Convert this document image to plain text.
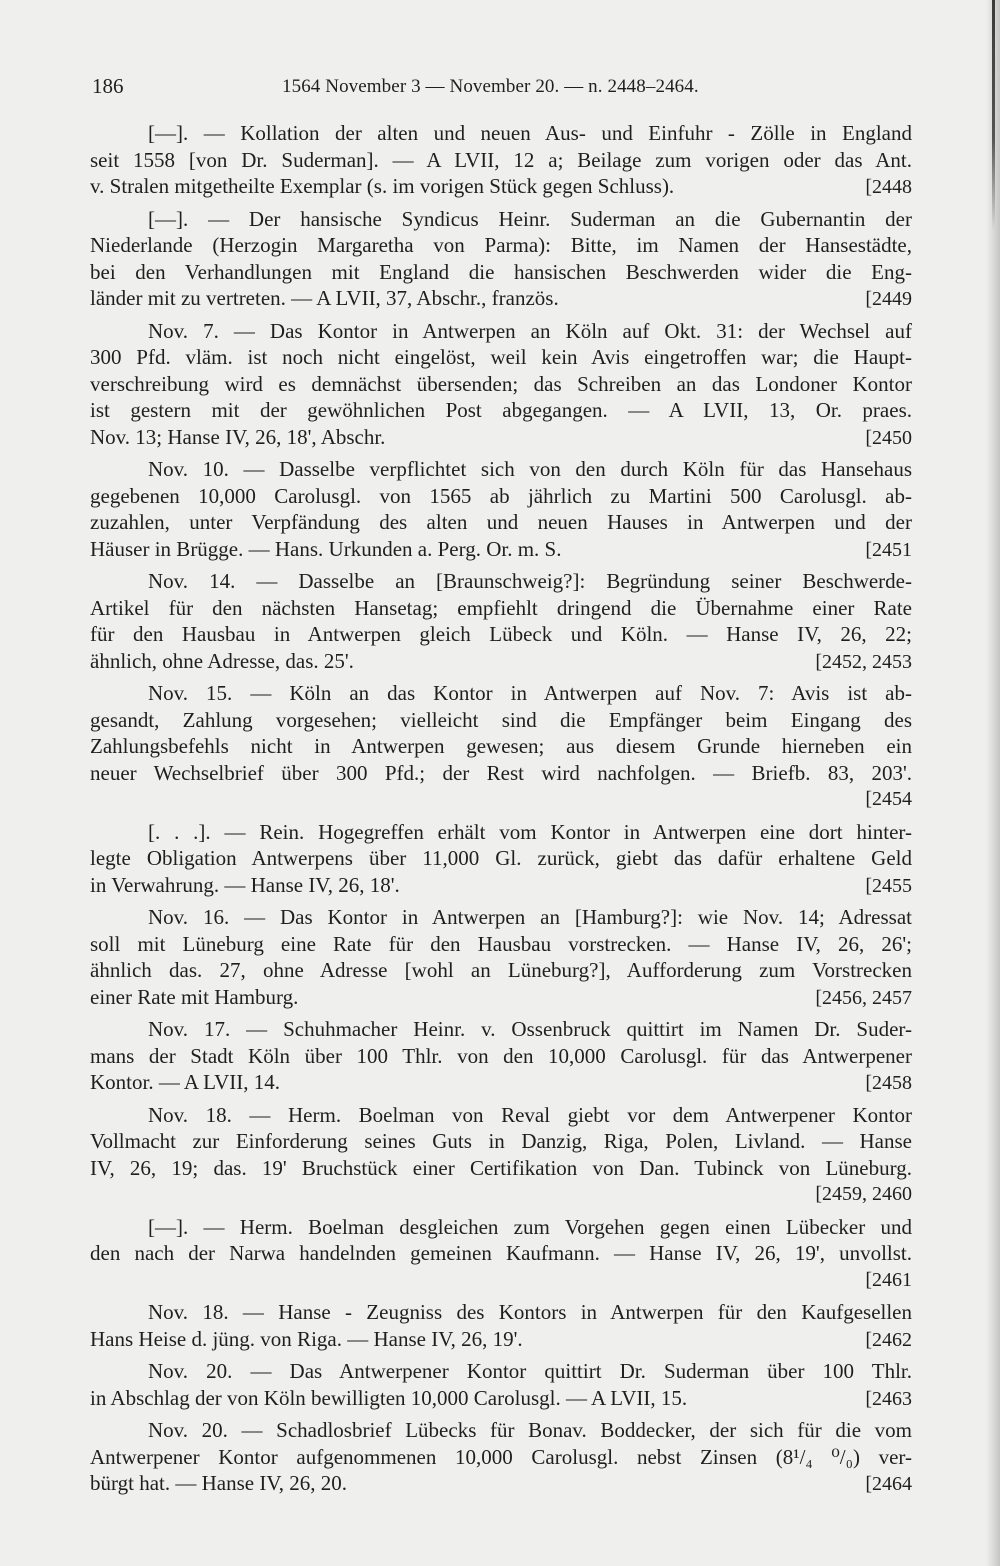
186	1564 November 3 — November 20. — n. 2448–2464.
[—]. — Kollation der alten und neuen Aus- und Einfuhr - Zölle in England
seit 1558 [von Dr. Suderman]. — A LVII, 12 a; Beilage zum vorigen oder das Ant.
v. Stralen mitgetheilte Exemplar (s. im vorigen Stück gegen Schluss).	[2448
[—]. — Der hansische Syndicus Heinr. Suderman an die Gubernantin der
Niederlande (Herzogin Margaretha von Parma): Bitte, im Namen der Hansestädte,
bei den Verhandlungen mit England die hansischen Beschwerden wider die Eng-
länder mit zu vertreten. — A LVII, 37, Abschr., französ.	[2449
Nov. 7. — Das Kontor in Antwerpen an Köln auf Okt. 31: der Wechsel auf
300 Pfd. vläm. ist noch nicht eingelöst, weil kein Avis eingetroffen war; die Haupt-
verschreibung wird es demnächst übersenden; das Schreiben an das Londoner Kontor
ist gestern mit der gewöhnlichen Post abgegangen. — A LVII, 13, Or. praes.
Nov. 13; Hanse IV, 26, 18', Abschr.	[2450
Nov. 10. — Dasselbe verpflichtet sich von den durch Köln für das Hansehaus
gegebenen 10,000 Carolusgl. von 1565 ab jährlich zu Martini 500 Carolusgl. ab-
zuzahlen, unter Verpfändung des alten und neuen Hauses in Antwerpen und der
Häuser in Brügge. — Hans. Urkunden a. Perg. Or. m. S.	[2451
Nov. 14. — Dasselbe an [Braunschweig?]: Begründung seiner Beschwerde-
Artikel für den nächsten Hansetag; empfiehlt dringend die Übernahme einer Rate
für den Hausbau in Antwerpen gleich Lübeck und Köln. — Hanse IV, 26, 22;
ähnlich, ohne Adresse, das. 25'.	[2452, 2453
Nov. 15. — Köln an das Kontor in Antwerpen auf Nov. 7: Avis ist ab-
gesandt, Zahlung vorgesehen; vielleicht sind die Empfänger beim Eingang des
Zahlungsbefehls nicht in Antwerpen gewesen; aus diesem Grunde hierneben ein
neuer Wechselbrief über 300 Pfd.; der Rest wird nachfolgen. — Briefb. 83, 203'.
[2454
[. . .]. — Rein. Hogegreffen erhält vom Kontor in Antwerpen eine dort hinter-
legte Obligation Antwerpens über 11,000 Gl. zurück, giebt das dafür erhaltene Geld
in Verwahrung. — Hanse IV, 26, 18'.	[2455
Nov. 16. — Das Kontor in Antwerpen an [Hamburg?]: wie Nov. 14; Adressat
soll mit Lüneburg eine Rate für den Hausbau vorstrecken. — Hanse IV, 26, 26';
ähnlich das. 27, ohne Adresse [wohl an Lüneburg?], Aufforderung zum Vorstrecken
einer Rate mit Hamburg.	[2456, 2457
Nov. 17. — Schuhmacher Heinr. v. Ossenbruck quittirt im Namen Dr. Suder-
mans der Stadt Köln über 100 Thlr. von den 10,000 Carolusgl. für das Antwerpener
Kontor. — A LVII, 14.	[2458
Nov. 18. — Herm. Boelman von Reval giebt vor dem Antwerpener Kontor
Vollmacht zur Einforderung seines Guts in Danzig, Riga, Polen, Livland. — Hanse
IV, 26, 19; das. 19' Bruchstück einer Certifikation von Dan. Tubinck von Lüneburg.
[2459, 2460
[—]. — Herm. Boelman desgleichen zum Vorgehen gegen einen Lübecker und
den nach der Narwa handelnden gemeinen Kaufmann. — Hanse IV, 26, 19', unvollst.
[2461
Nov. 18. — Hanse - Zeugniss des Kontors in Antwerpen für den Kaufgesellen
Hans Heise d. jüng. von Riga. — Hanse IV, 26, 19'.	[2462
Nov. 20. — Das Antwerpener Kontor quittirt Dr. Suderman über 100 Thlr.
in Abschlag der von Köln bewilligten 10,000 Carolusgl. — A LVII, 15.	[2463
Nov. 20. — Schadlosbrief Lübecks für Bonav. Boddecker, der sich für die vom
Antwerpener Kontor aufgenommenen 10,000 Carolusgl. nebst Zinsen (8¹/₄ ⁰/₀) ver-
bürgt hat. — Hanse IV, 26, 20.	[2464
